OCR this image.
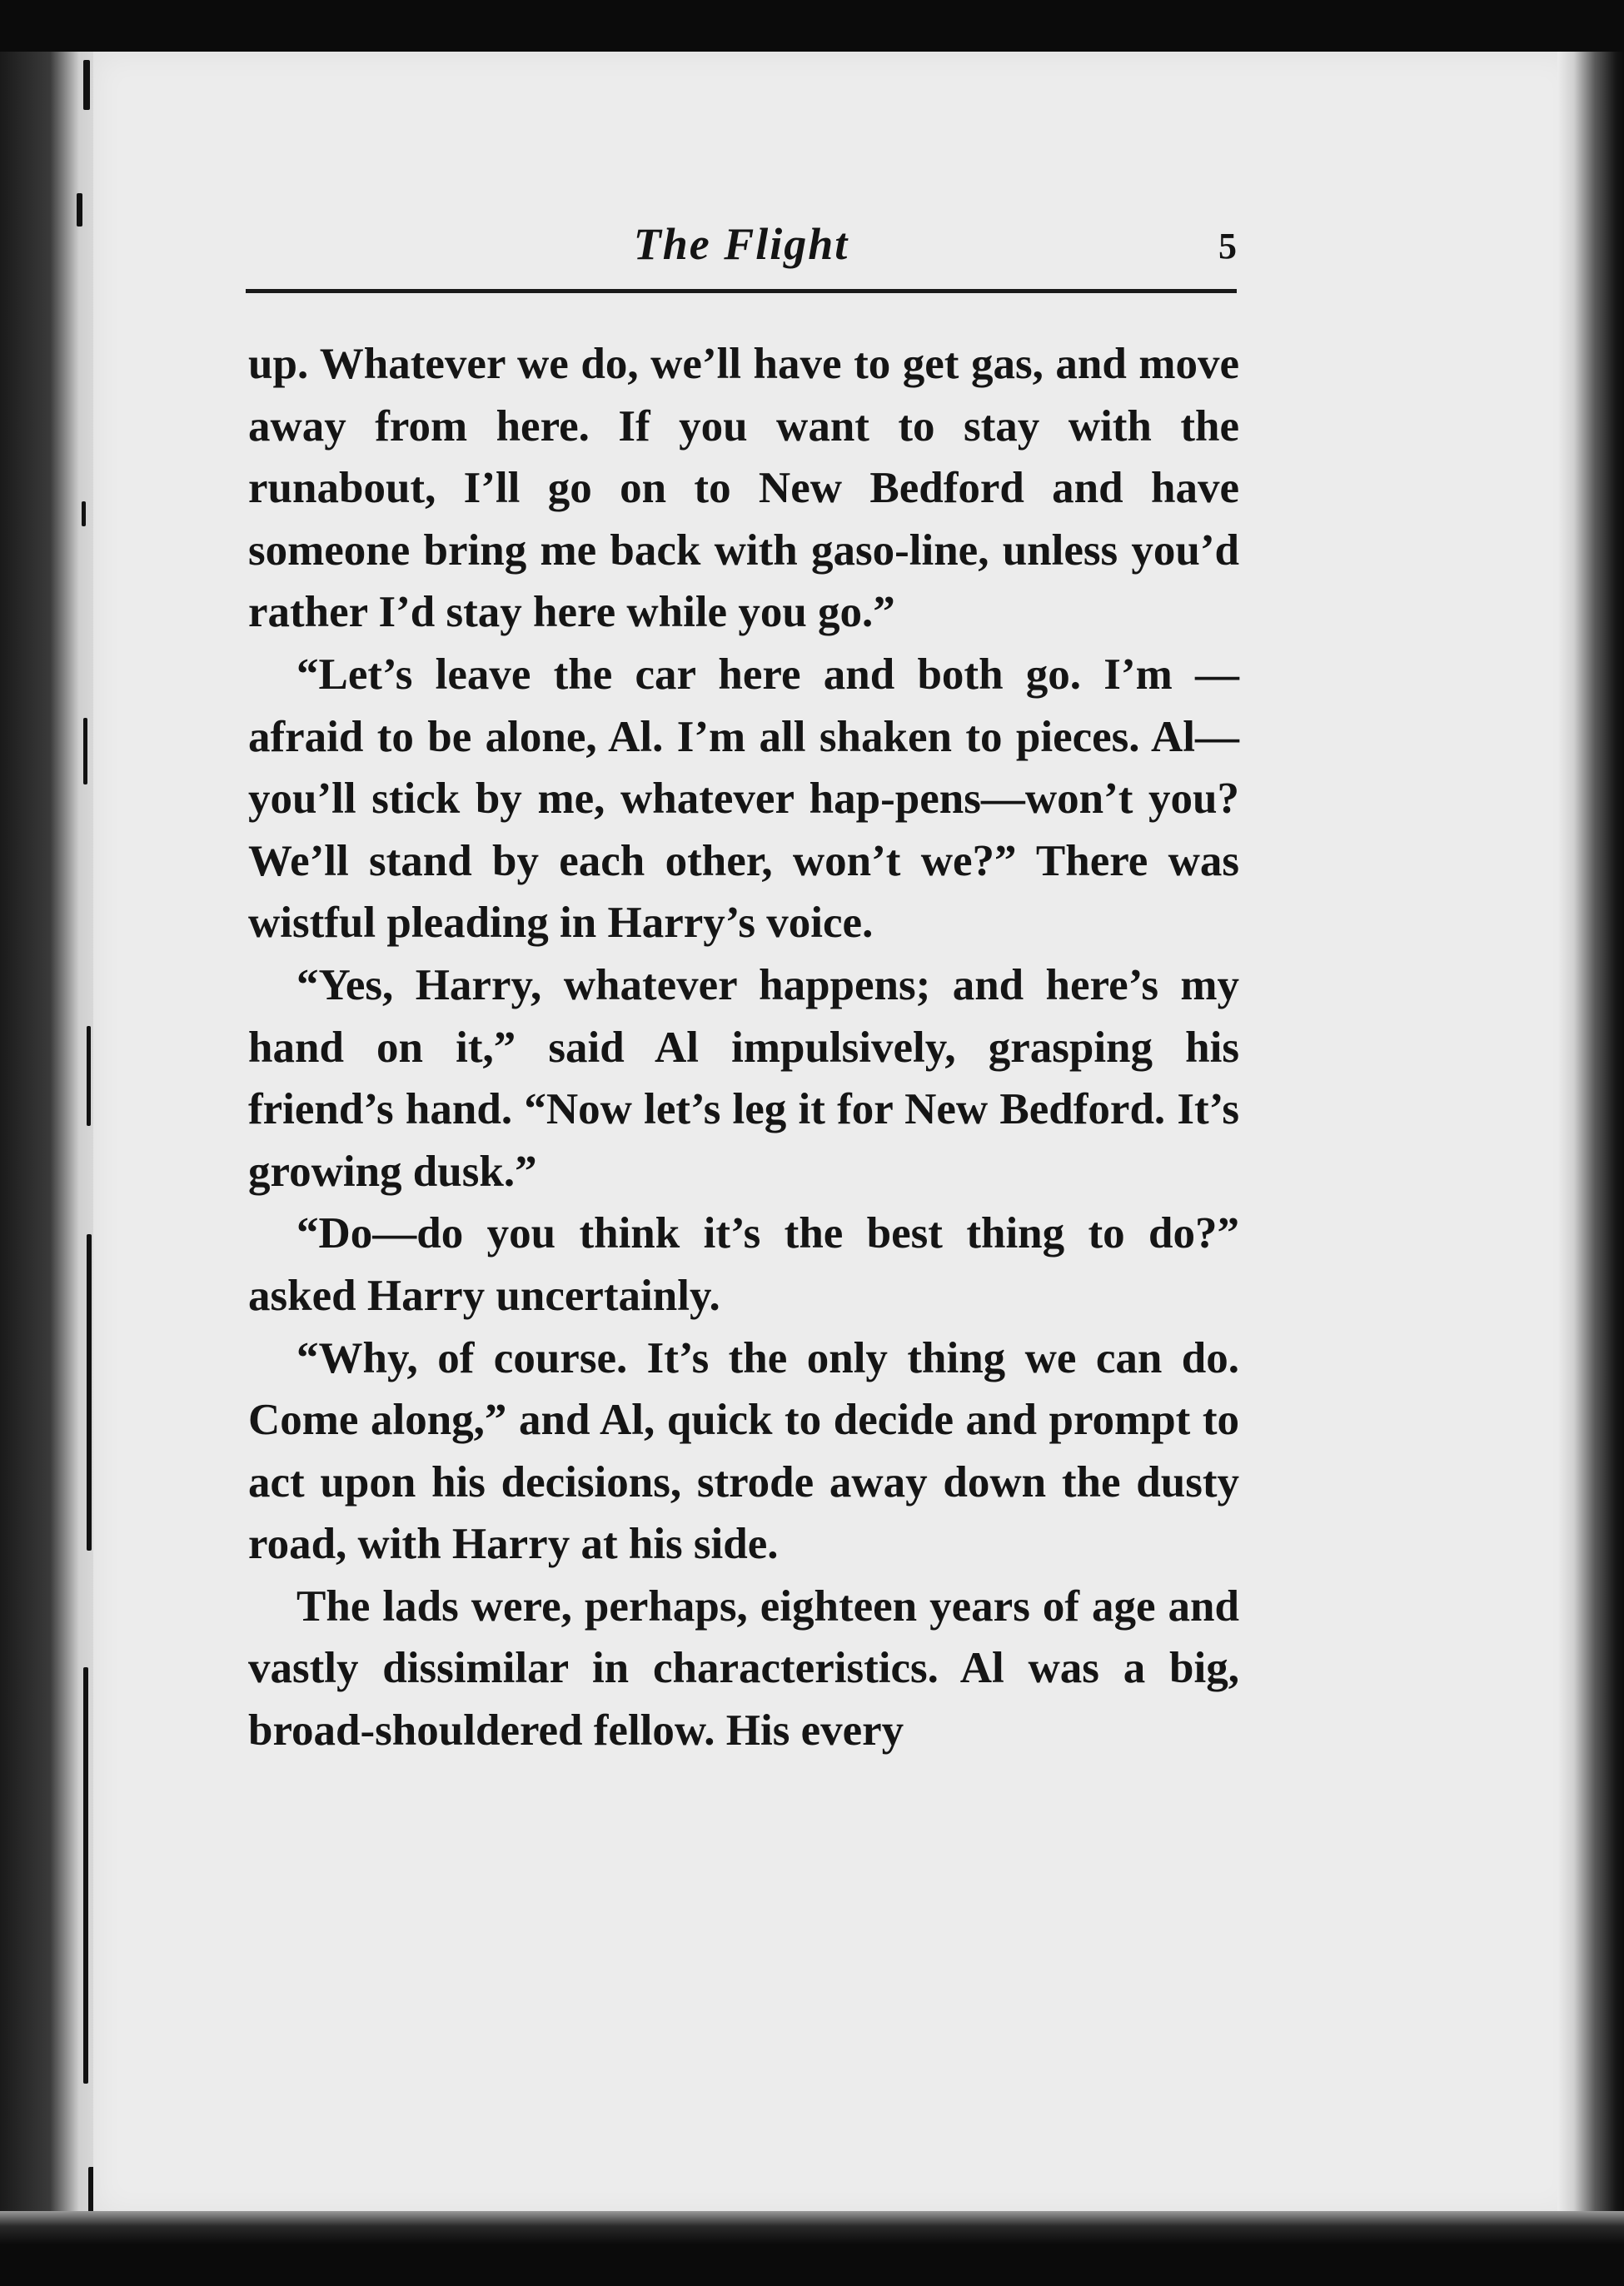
The Flight	5

up. Whatever we do, we’ll have to get gas, and move away from here. If you want to stay with the runabout, I’ll go on to New Bedford and have someone bring me back with gaso-line, unless you’d rather I’d stay here while you go.”

“Let’s leave the car here and both go. I’m —afraid to be alone, Al. I’m all shaken to pieces. Al—you’ll stick by me, whatever hap-pens—won’t you? We’ll stand by each other, won’t we?” There was wistful pleading in Harry’s voice.

“Yes, Harry, whatever happens; and here’s my hand on it,” said Al impulsively, grasping his friend’s hand. “Now let’s leg it for New Bedford. It’s growing dusk.”

“Do—do you think it’s the best thing to do?” asked Harry uncertainly.

“Why, of course. It’s the only thing we can do. Come along,” and Al, quick to decide and prompt to act upon his decisions, strode away down the dusty road, with Harry at his side.

The lads were, perhaps, eighteen years of age and vastly dissimilar in characteristics. Al was a big, broad-shouldered fellow. His every
